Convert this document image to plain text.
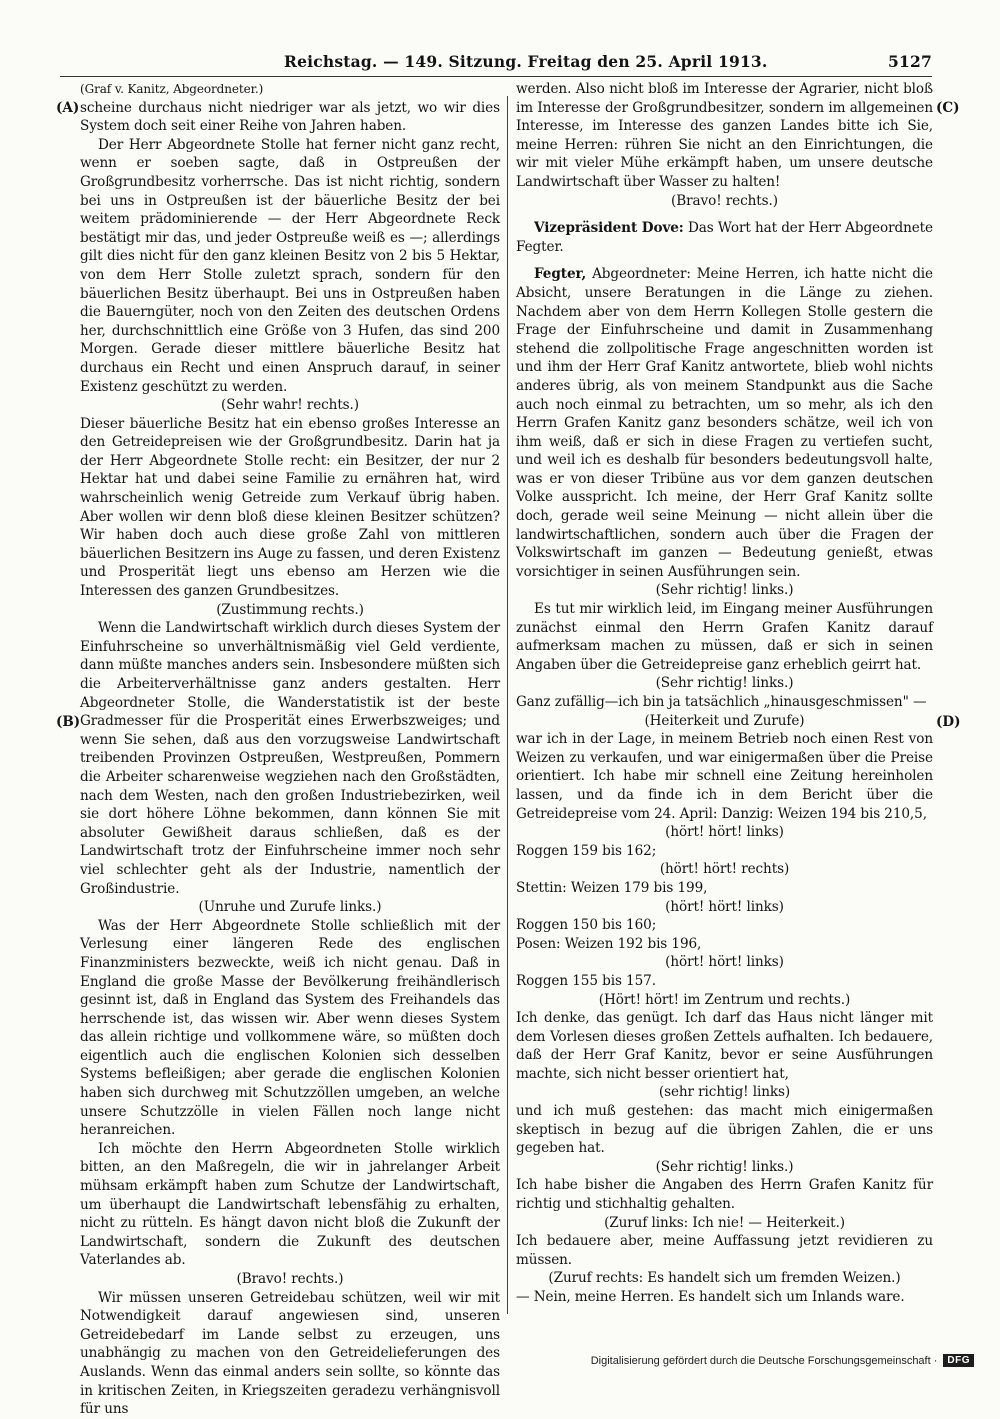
Reichstag. — 149. Sitzung. Freitag den 25. April 1913.	5127
(A)
(B)
(C)
(D)

(Graf v. Kanitz, Abgeordneter.)

scheine durchaus nicht niedriger war als jetzt, wo wir dies System doch seit einer Reihe von Jahren haben.

Der Herr Abgeordnete Stolle hat ferner nicht ganz recht, wenn er soeben sagte, daß in Ostpreußen der Großgrundbesitz vorherrsche. Das ist nicht richtig, sondern bei uns in Ostpreußen ist der bäuerliche Besitz der bei weitem prädominierende — der Herr Abgeordnete Reck bestätigt mir das, und jeder Ostpreuße weiß es —; allerdings gilt dies nicht für den ganz kleinen Besitz von 2 bis 5 Hektar, von dem Herr Stolle zuletzt sprach, sondern für den bäuerlichen Besitz überhaupt. Bei uns in Ostpreußen haben die Bauerngüter, noch von den Zeiten des deutschen Ordens her, durchschnittlich eine Größe von 3 Hufen, das sind 200 Morgen. Gerade dieser mittlere bäuerliche Besitz hat durchaus ein Recht und einen Anspruch darauf, in seiner Existenz geschützt zu werden.

(Sehr wahr! rechts.)

Dieser bäuerliche Besitz hat ein ebenso großes Interesse an den Getreidepreisen wie der Großgrundbesitz. Darin hat ja der Herr Abgeordnete Stolle recht: ein Besitzer, der nur 2 Hektar hat und dabei seine Familie zu ernähren hat, wird wahrscheinlich wenig Getreide zum Verkauf übrig haben. Aber wollen wir denn bloß diese kleinen Besitzer schützen? Wir haben doch auch diese große Zahl von mittleren bäuerlichen Besitzern ins Auge zu fassen, und deren Existenz und Prosperität liegt uns ebenso am Herzen wie die Interessen des ganzen Grundbesitzes.

(Zustimmung rechts.)

Wenn die Landwirtschaft wirklich durch dieses System der Einfuhrscheine so unverhältnismäßig viel Geld verdiente, dann müßte manches anders sein. Insbesondere müßten sich die Arbeiterverhältnisse ganz anders gestalten. Herr Abgeordneter Stolle, die Wanderstatistik ist der beste Gradmesser für die Prosperität eines Erwerbszweiges; und wenn Sie sehen, daß aus den vorzugsweise Landwirtschaft treibenden Provinzen Ostpreußen, Westpreußen, Pommern die Arbeiter scharenweise wegziehen nach den Großstädten, nach dem Westen, nach den großen Industriebezirken, weil sie dort höhere Löhne bekommen, dann können Sie mit absoluter Gewißheit daraus schließen, daß es der Landwirtschaft trotz der Einfuhrscheine immer noch sehr viel schlechter geht als der Industrie, namentlich der Großindustrie.

(Unruhe und Zurufe links.)

Was der Herr Abgeordnete Stolle schließlich mit der Verlesung einer längeren Rede des englischen Finanzministers bezweckte, weiß ich nicht genau. Daß in England die große Masse der Bevölkerung freihändlerisch gesinnt ist, daß in England das System des Freihandels das herrschende ist, das wissen wir. Aber wenn dieses System das allein richtige und vollkommene wäre, so müßten doch eigentlich auch die englischen Kolonien sich desselben Systems befleißigen; aber gerade die englischen Kolonien haben sich durchweg mit Schutzzöllen umgeben, an welche unsere Schutzzölle in vielen Fällen noch lange nicht heranreichen.

Ich möchte den Herrn Abgeordneten Stolle wirklich bitten, an den Maßregeln, die wir in jahrelanger Arbeit mühsam erkämpft haben zum Schutze der Landwirtschaft, um überhaupt die Landwirtschaft lebensfähig zu erhalten, nicht zu rütteln. Es hängt davon nicht bloß die Zukunft der Landwirtschaft, sondern die Zukunft des deutschen Vaterlandes ab.

(Bravo! rechts.)

Wir müssen unseren Getreidebau schützen, weil wir mit Notwendigkeit darauf angewiesen sind, unseren Getreidebedarf im Lande selbst zu erzeugen, uns unabhängig zu machen von den Getreidelieferungen des Auslands. Wenn das einmal anders sein sollte, so könnte das in kritischen Zeiten, in Kriegszeiten geradezu verhängnisvoll für uns

werden. Also nicht bloß im Interesse der Agrarier, nicht bloß im Interesse der Großgrundbesitzer, sondern im allgemeinen Interesse, im Interesse des ganzen Landes bitte ich Sie, meine Herren: rühren Sie nicht an den Einrichtungen, die wir mit vieler Mühe erkämpft haben, um unsere deutsche Landwirtschaft über Wasser zu halten!

(Bravo! rechts.)

Vizepräsident Dove: Das Wort hat der Herr Abgeordnete Fegter.

Fegter, Abgeordneter: Meine Herren, ich hatte nicht die Absicht, unsere Beratungen in die Länge zu ziehen. Nachdem aber von dem Herrn Kollegen Stolle gestern die Frage der Einfuhrscheine und damit in Zusammenhang stehend die zollpolitische Frage angeschnitten worden ist und ihm der Herr Graf Kanitz antwortete, blieb wohl nichts anderes übrig, als von meinem Standpunkt aus die Sache auch noch einmal zu betrachten, um so mehr, als ich den Herrn Grafen Kanitz ganz besonders schätze, weil ich von ihm weiß, daß er sich in diese Fragen zu vertiefen sucht, und weil ich es deshalb für besonders bedeutungsvoll halte, was er von dieser Tribüne aus vor dem ganzen deutschen Volke ausspricht. Ich meine, der Herr Graf Kanitz sollte doch, gerade weil seine Meinung — nicht allein über die landwirtschaftlichen, sondern auch über die Fragen der Volkswirtschaft im ganzen — Bedeutung genießt, etwas vorsichtiger in seinen Ausführungen sein.

(Sehr richtig! links.)

Es tut mir wirklich leid, im Eingang meiner Ausführungen zunächst einmal den Herrn Grafen Kanitz darauf aufmerksam machen zu müssen, daß er sich in seinen Angaben über die Getreidepreise ganz erheblich geirrt hat.

(Sehr richtig! links.)

Ganz zufällig—ich bin ja tatsächlich „hinausgeschmissen" —

(Heiterkeit und Zurufe)

war ich in der Lage, in meinem Betrieb noch einen Rest von Weizen zu verkaufen, und war einigermaßen über die Preise orientiert. Ich habe mir schnell eine Zeitung hereinholen lassen, und da finde ich in dem Bericht über die Getreidepreise vom 24. April: Danzig: Weizen 194 bis 210,5,

(hört! hört! links)

Roggen 159 bis 162;

(hört! hört! rechts)

Stettin: Weizen 179 bis 199,

(hört! hört! links)

Roggen 150 bis 160;

Posen: Weizen 192 bis 196,

(hört! hört! links)

Roggen 155 bis 157.

(Hört! hört! im Zentrum und rechts.)

Ich denke, das genügt. Ich darf das Haus nicht länger mit dem Vorlesen dieses großen Zettels aufhalten. Ich bedauere, daß der Herr Graf Kanitz, bevor er seine Ausführungen machte, sich nicht besser orientiert hat,

(sehr richtig! links)

und ich muß gestehen: das macht mich einigermaßen skeptisch in bezug auf die übrigen Zahlen, die er uns gegeben hat.

(Sehr richtig! links.)

Ich habe bisher die Angaben des Herrn Grafen Kanitz für richtig und stichhaltig gehalten.

(Zuruf links: Ich nie! — Heiterkeit.)

Ich bedauere aber, meine Auffassung jetzt revidieren zu müssen.

(Zuruf rechts: Es handelt sich um fremden Weizen.)

— Nein, meine Herren. Es handelt sich um Inlands ware.

Digitalisierung gefördert durch die Deutsche Forschungsgemeinschaft ·	DFG
